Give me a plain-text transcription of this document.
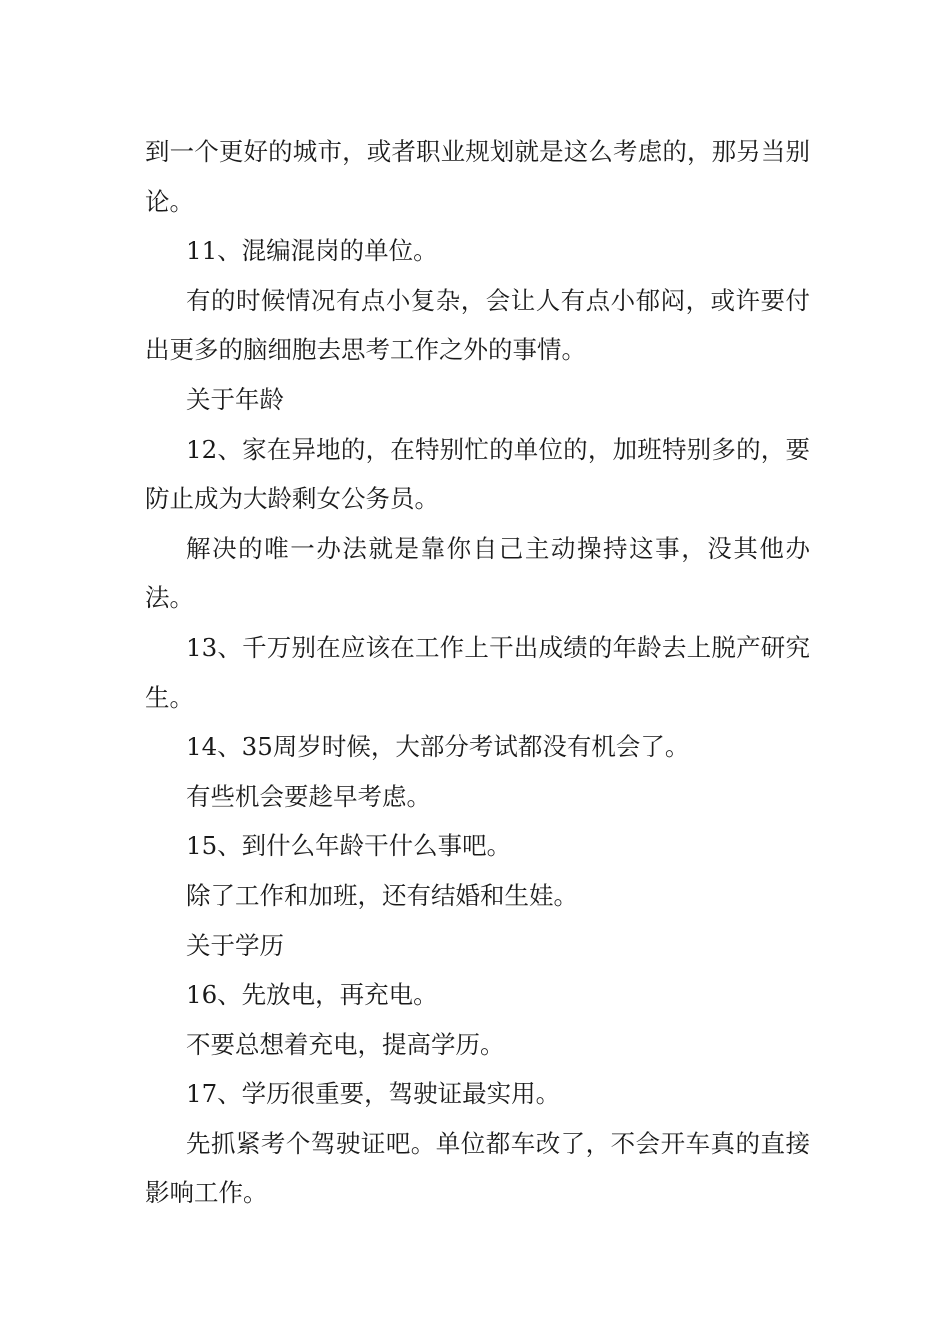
到一个更好的城市，或者职业规划就是这么考虑的，那另当别论。

11、混编混岗的单位。

有的时候情况有点小复杂，会让人有点小郁闷，或许要付出更多的脑细胞去思考工作之外的事情。

关于年龄

12、家在异地的，在特别忙的单位的，加班特别多的，要防止成为大龄剩女公务员。

解决的唯一办法就是靠你自己主动操持这事，没其他办法。

13、千万别在应该在工作上干出成绩的年龄去上脱产研究生。

14、35周岁时候，大部分考试都没有机会了。

有些机会要趁早考虑。

15、到什么年龄干什么事吧。

除了工作和加班，还有结婚和生娃。

关于学历

16、先放电，再充电。

不要总想着充电，提高学历。

17、学历很重要，驾驶证最实用。

先抓紧考个驾驶证吧。单位都车改了，不会开车真的直接影响工作。
